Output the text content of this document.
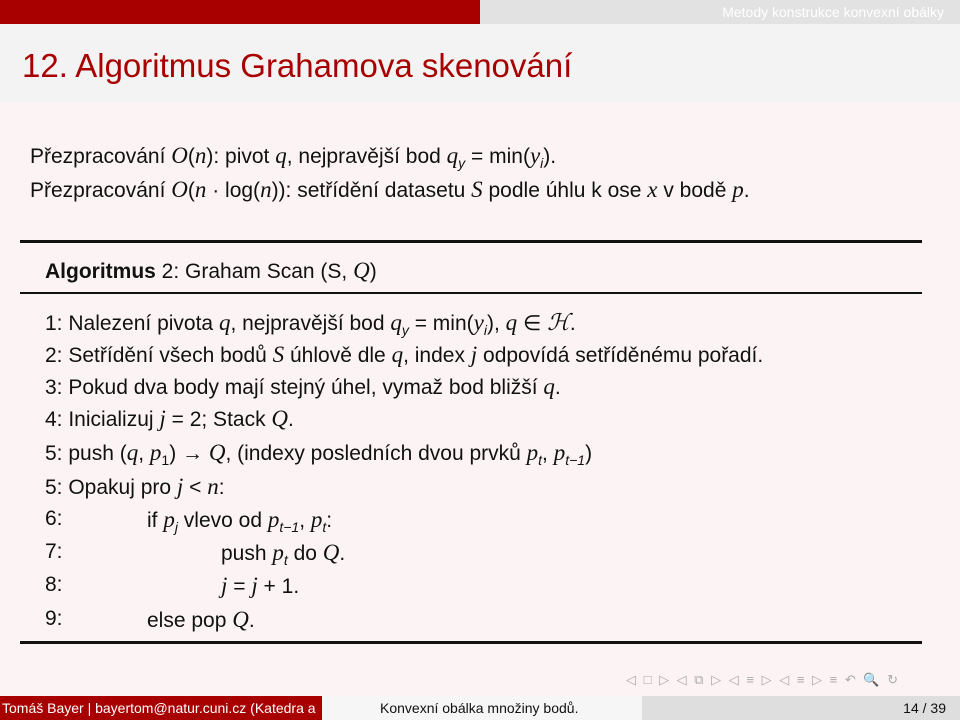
Metody konstrukce konvexní obálky
12. Algoritmus Grahamova skenování
Přezpracování O(n): pivot q, nejpravější bod $q_y = \min(y_i)$.
Přezpracování O(n · log(n)): setřídění datasetu S podle úhlu k ose x v bodě p.
Algoritmus 2: Graham Scan (S, Q)
1: Nalezení pivota q, nejpravější bod $q_y = \min(y_i)$, q ∈ ℋ.
2: Setřídění všech bodů S úhlově dle q, index j odpovídá setříděnému pořadí.
3: Pokud dva body mají stejný úhel, vymaž bod bližší q.
4: Inicializuj j = 2; Stack Q.
5: push (q, $p_1) \to Q$, (indexy posledních dvou prvků $p_t$, $p_{t-1}$)
5: Opakuj pro j < n:
6:
7:
8:
9:
if $p_j$ vlevo od $p_{t-1}$, $p_t$:
push $p_t$ do Q.
j = j + 1.
else pop Q.
◁ □ ▷ ◁ ⧉ ▷ ◁ ≡ ▷ ◁ ≡ ▷ ≡ ↶ 🔍 ↻
Tomáš Bayer | bayertom@natur.cuni.cz (Katedra a	Konvexní obálka množiny bodů.	14 / 39
